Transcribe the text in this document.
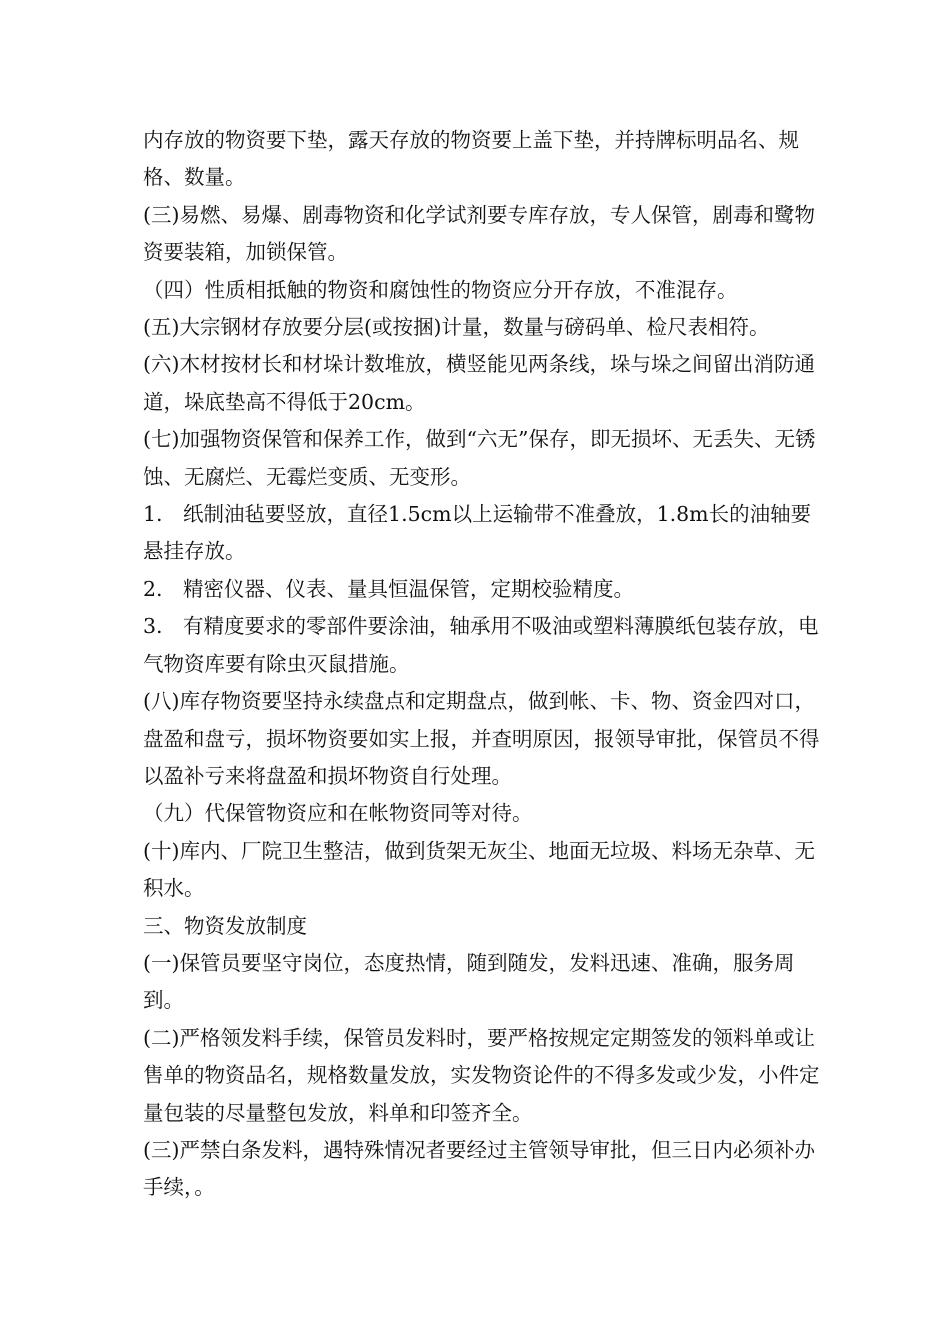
内存放的物资要下垫，露天存放的物资要上盖下垫，并持牌标明品名、规格、数量。

(三)易燃、易爆、剧毒物资和化学试剂要专库存放，专人保管，剧毒和鹭物资要装箱，加锁保管。

（四）性质相抵触的物资和腐蚀性的物资应分开存放，不准混存。

(五)大宗钢材存放要分层(或按捆)计量，数量与磅码单、检尺表相符。

(六)木材按材长和材垛计数堆放，横竖能见两条线，垛与垛之间留出消防通道，垛底垫高不得低于20cm。

(七)加强物资保管和保养工作，做到“六无”保存，即无损坏、无丢失、无锈蚀、无腐烂、无霉烂变质、无变形。

1.　纸制油毡要竖放，直径1.5cm以上运输带不准叠放，1.8m长的油轴要悬挂存放。

2.　精密仪器、仪表、量具恒温保管，定期校验精度。

3.　有精度要求的零部件要涂油，轴承用不吸油或塑料薄膜纸包装存放，电气物资库要有除虫灭鼠措施。

(八)库存物资要坚持永续盘点和定期盘点，做到帐、卡、物、资金四对口，盘盈和盘亏，损坏物资要如实上报，并查明原因，报领导审批，保管员不得以盈补亏来将盘盈和损坏物资自行处理。

（九）代保管物资应和在帐物资同等对待。

(十)库内、厂院卫生整洁，做到货架无灰尘、地面无垃圾、料场无杂草、无积水。

三、物资发放制度

(一)保管员要坚守岗位，态度热情，随到随发，发料迅速、准确，服务周到。

(二)严格领发料手续，保管员发料时，要严格按规定定期签发的领料单或让售单的物资品名，规格数量发放，实发物资论件的不得多发或少发，小件定量包装的尽量整包发放，料单和印签齐全。

(三)严禁白条发料，遇特殊情况者要经过主管领导审批，但三日内必须补办手续，。
